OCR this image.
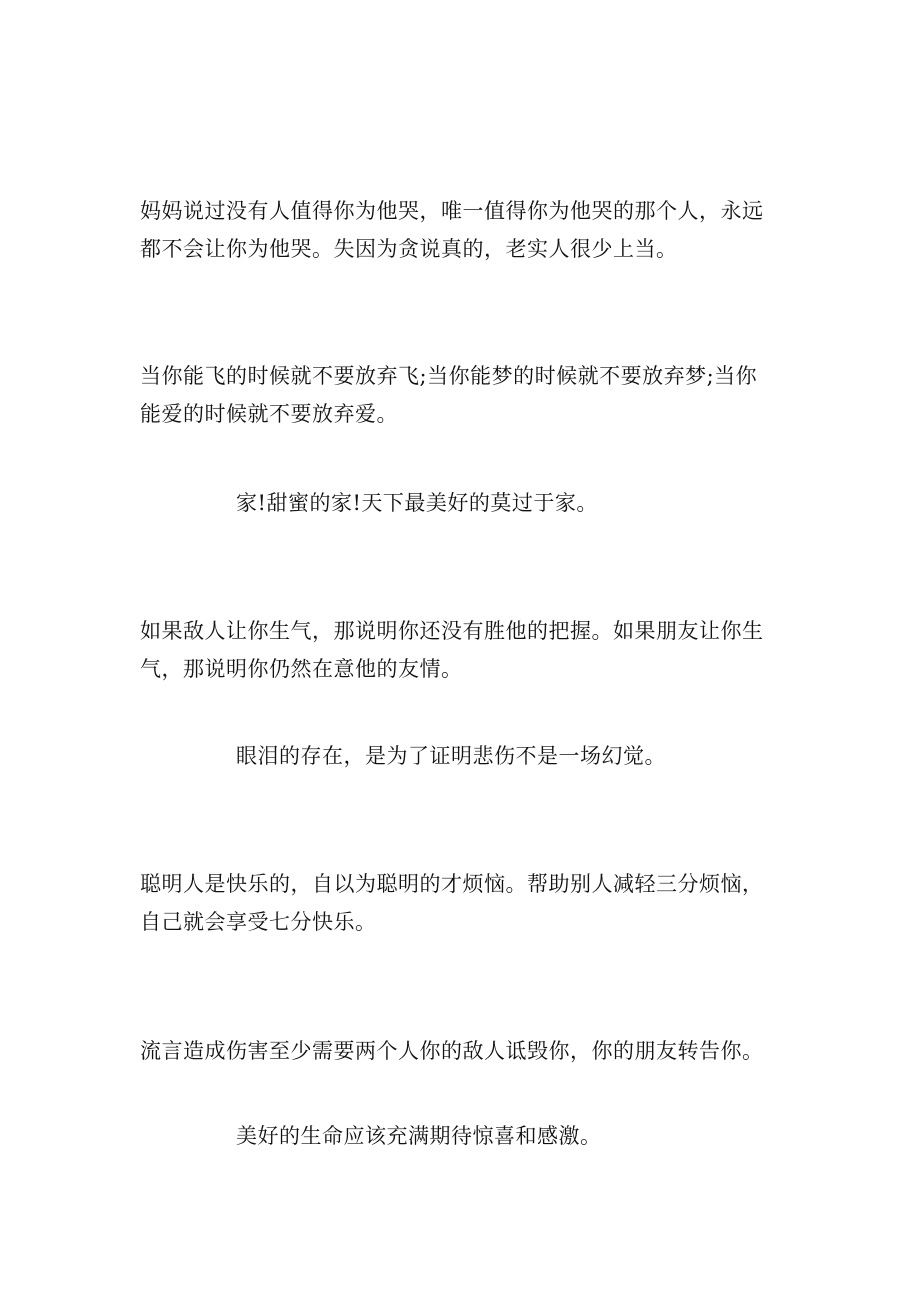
妈妈说过没有人值得你为他哭，唯一值得你为他哭的那个人，永远
都不会让你为他哭。失因为贪说真的，老实人很少上当。

当你能飞的时候就不要放弃飞;当你能梦的时候就不要放弃梦;当你
能爱的时候就不要放弃爱。

家!甜蜜的家!天下最美好的莫过于家。

如果敌人让你生气，那说明你还没有胜他的把握。如果朋友让你生
气，那说明你仍然在意他的友情。

眼泪的存在，是为了证明悲伤不是一场幻觉。

聪明人是快乐的，自以为聪明的才烦恼。帮助别人减轻三分烦恼，
自己就会享受七分快乐。

流言造成伤害至少需要两个人你的敌人诋毁你，你的朋友转告你。

美好的生命应该充满期待惊喜和感激。
